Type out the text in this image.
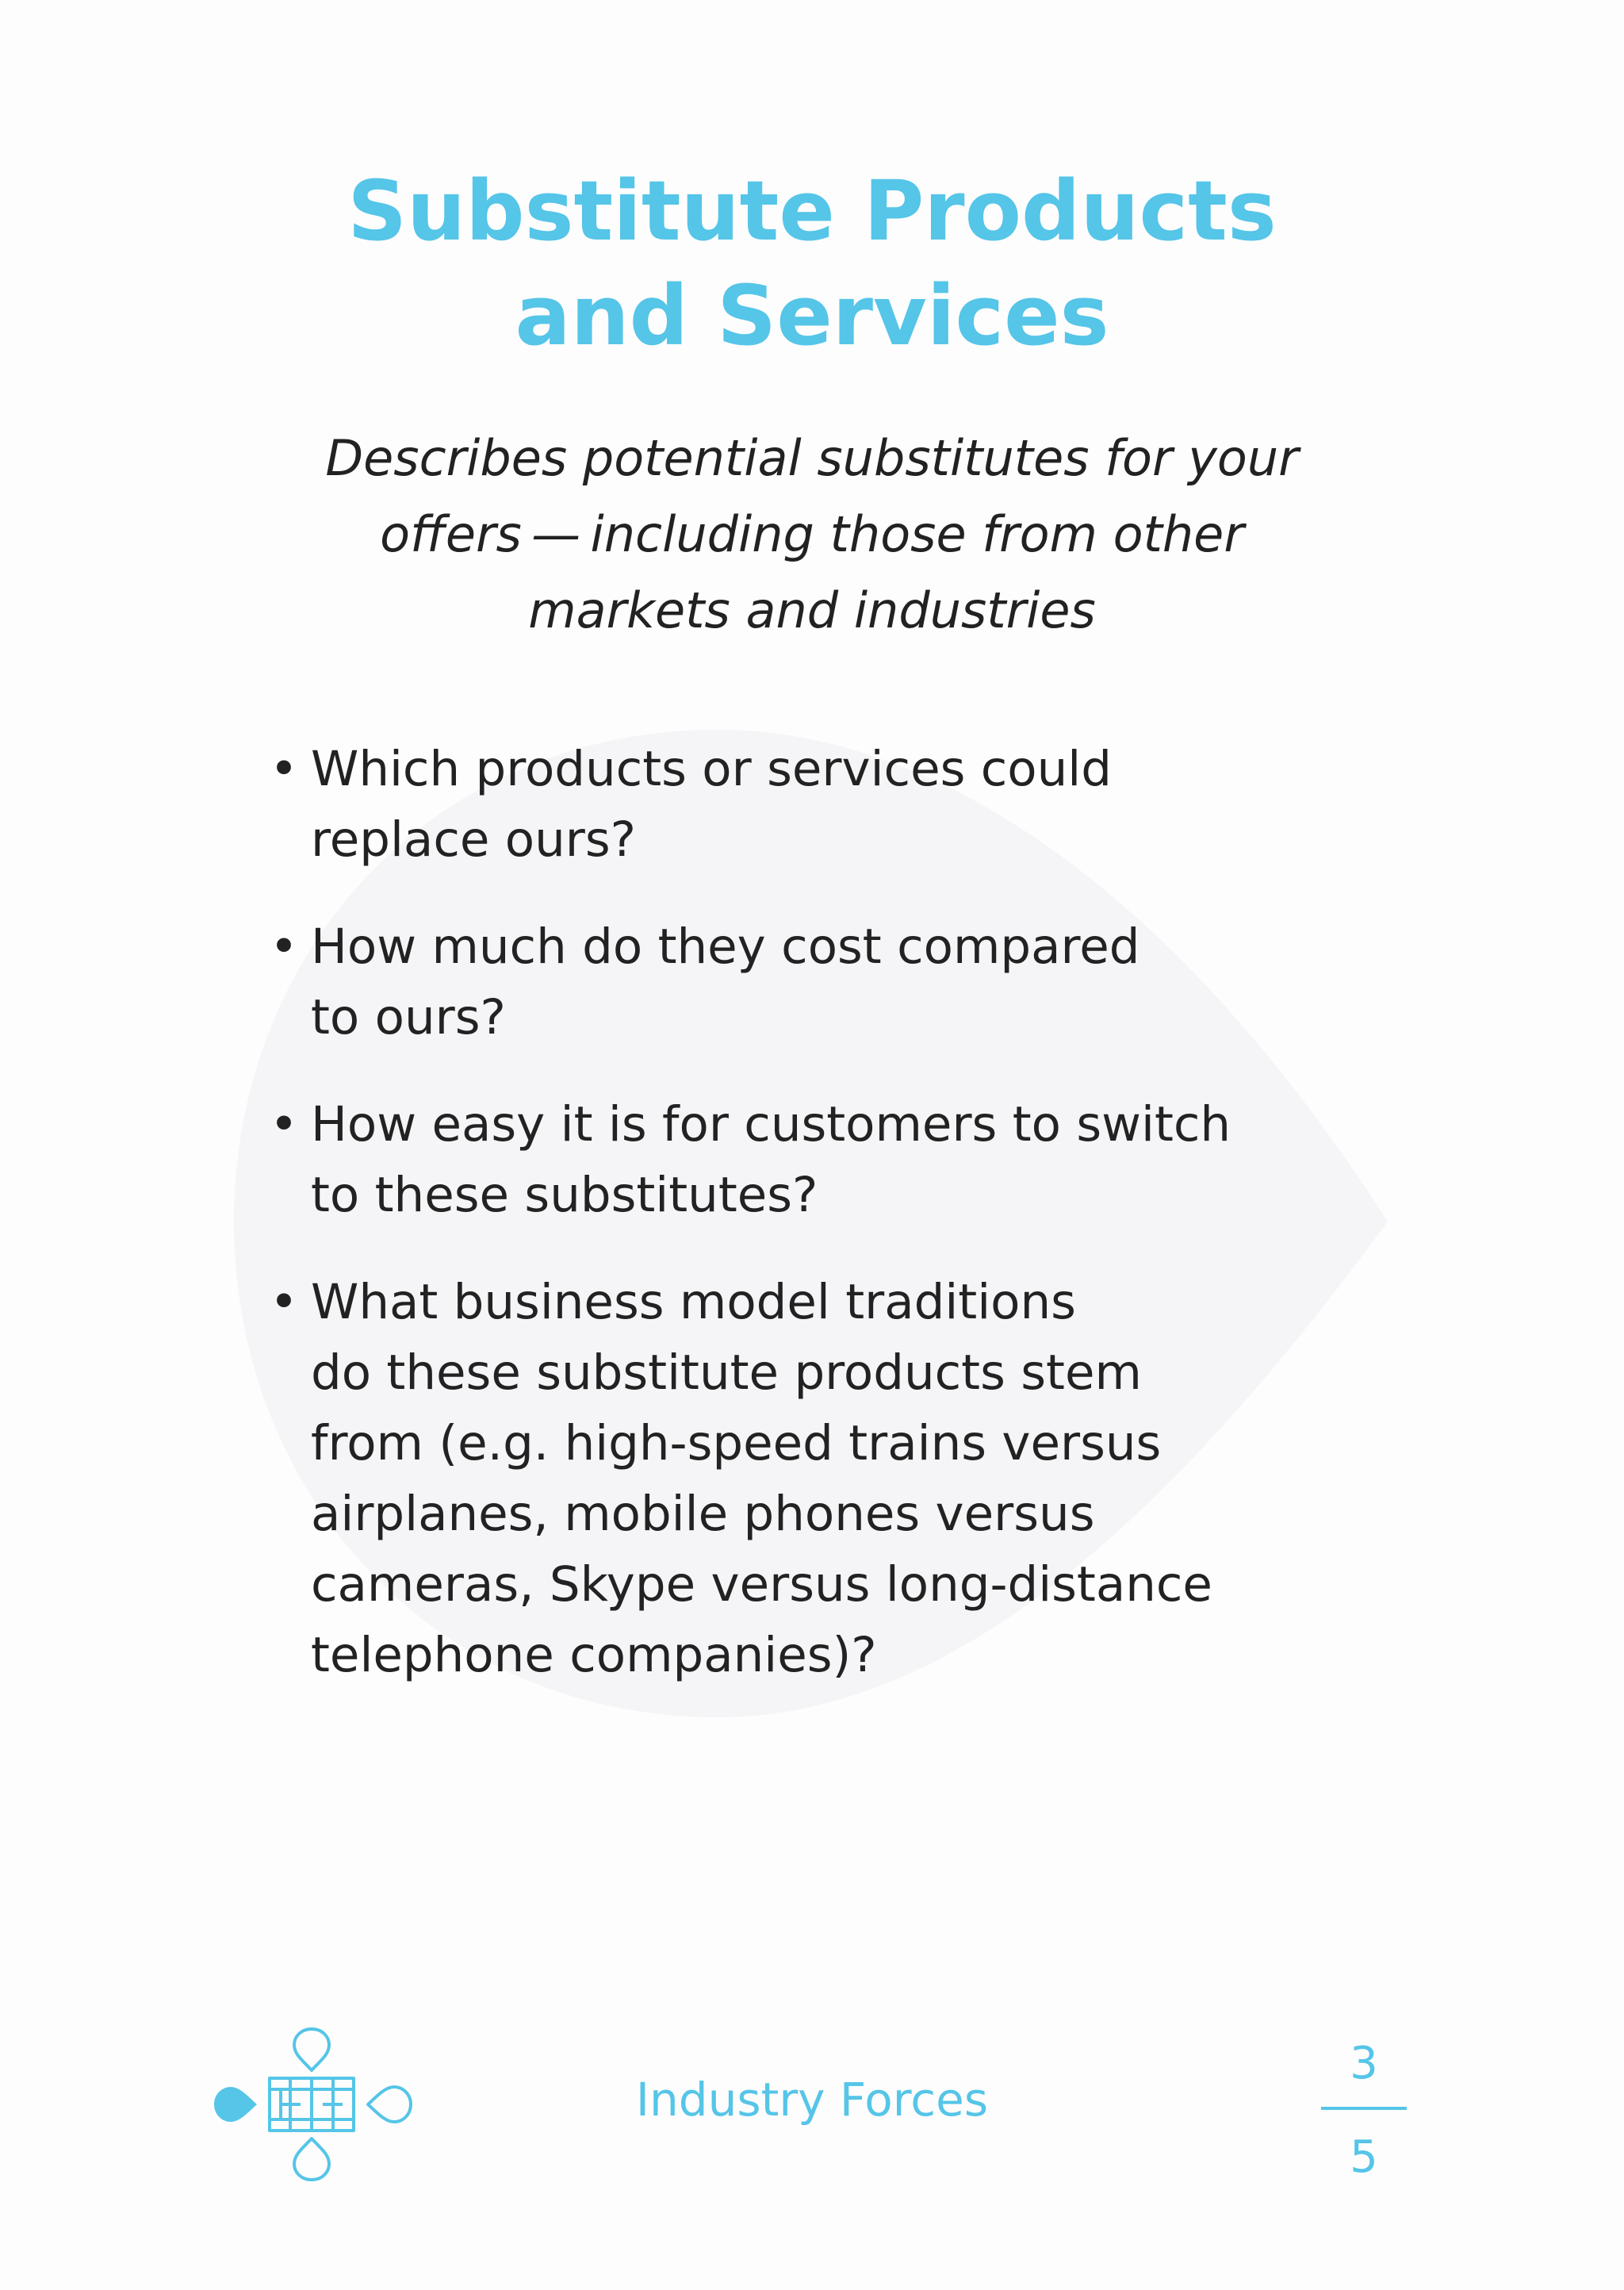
Substitute Products
and Services

Describes potential substitutes for your
offers — including those from other
markets and industries

• Which products or services could
replace ours?
• How much do they cost compared
to ours?
• How easy it is for customers to switch
to these substitutes?
• What business model traditions
do these substitute products stem
from (e.g. high-speed trains versus
airplanes, mobile phones versus
cameras, Skype versus long-distance
telephone companies)?
Industry Forces
3
5
